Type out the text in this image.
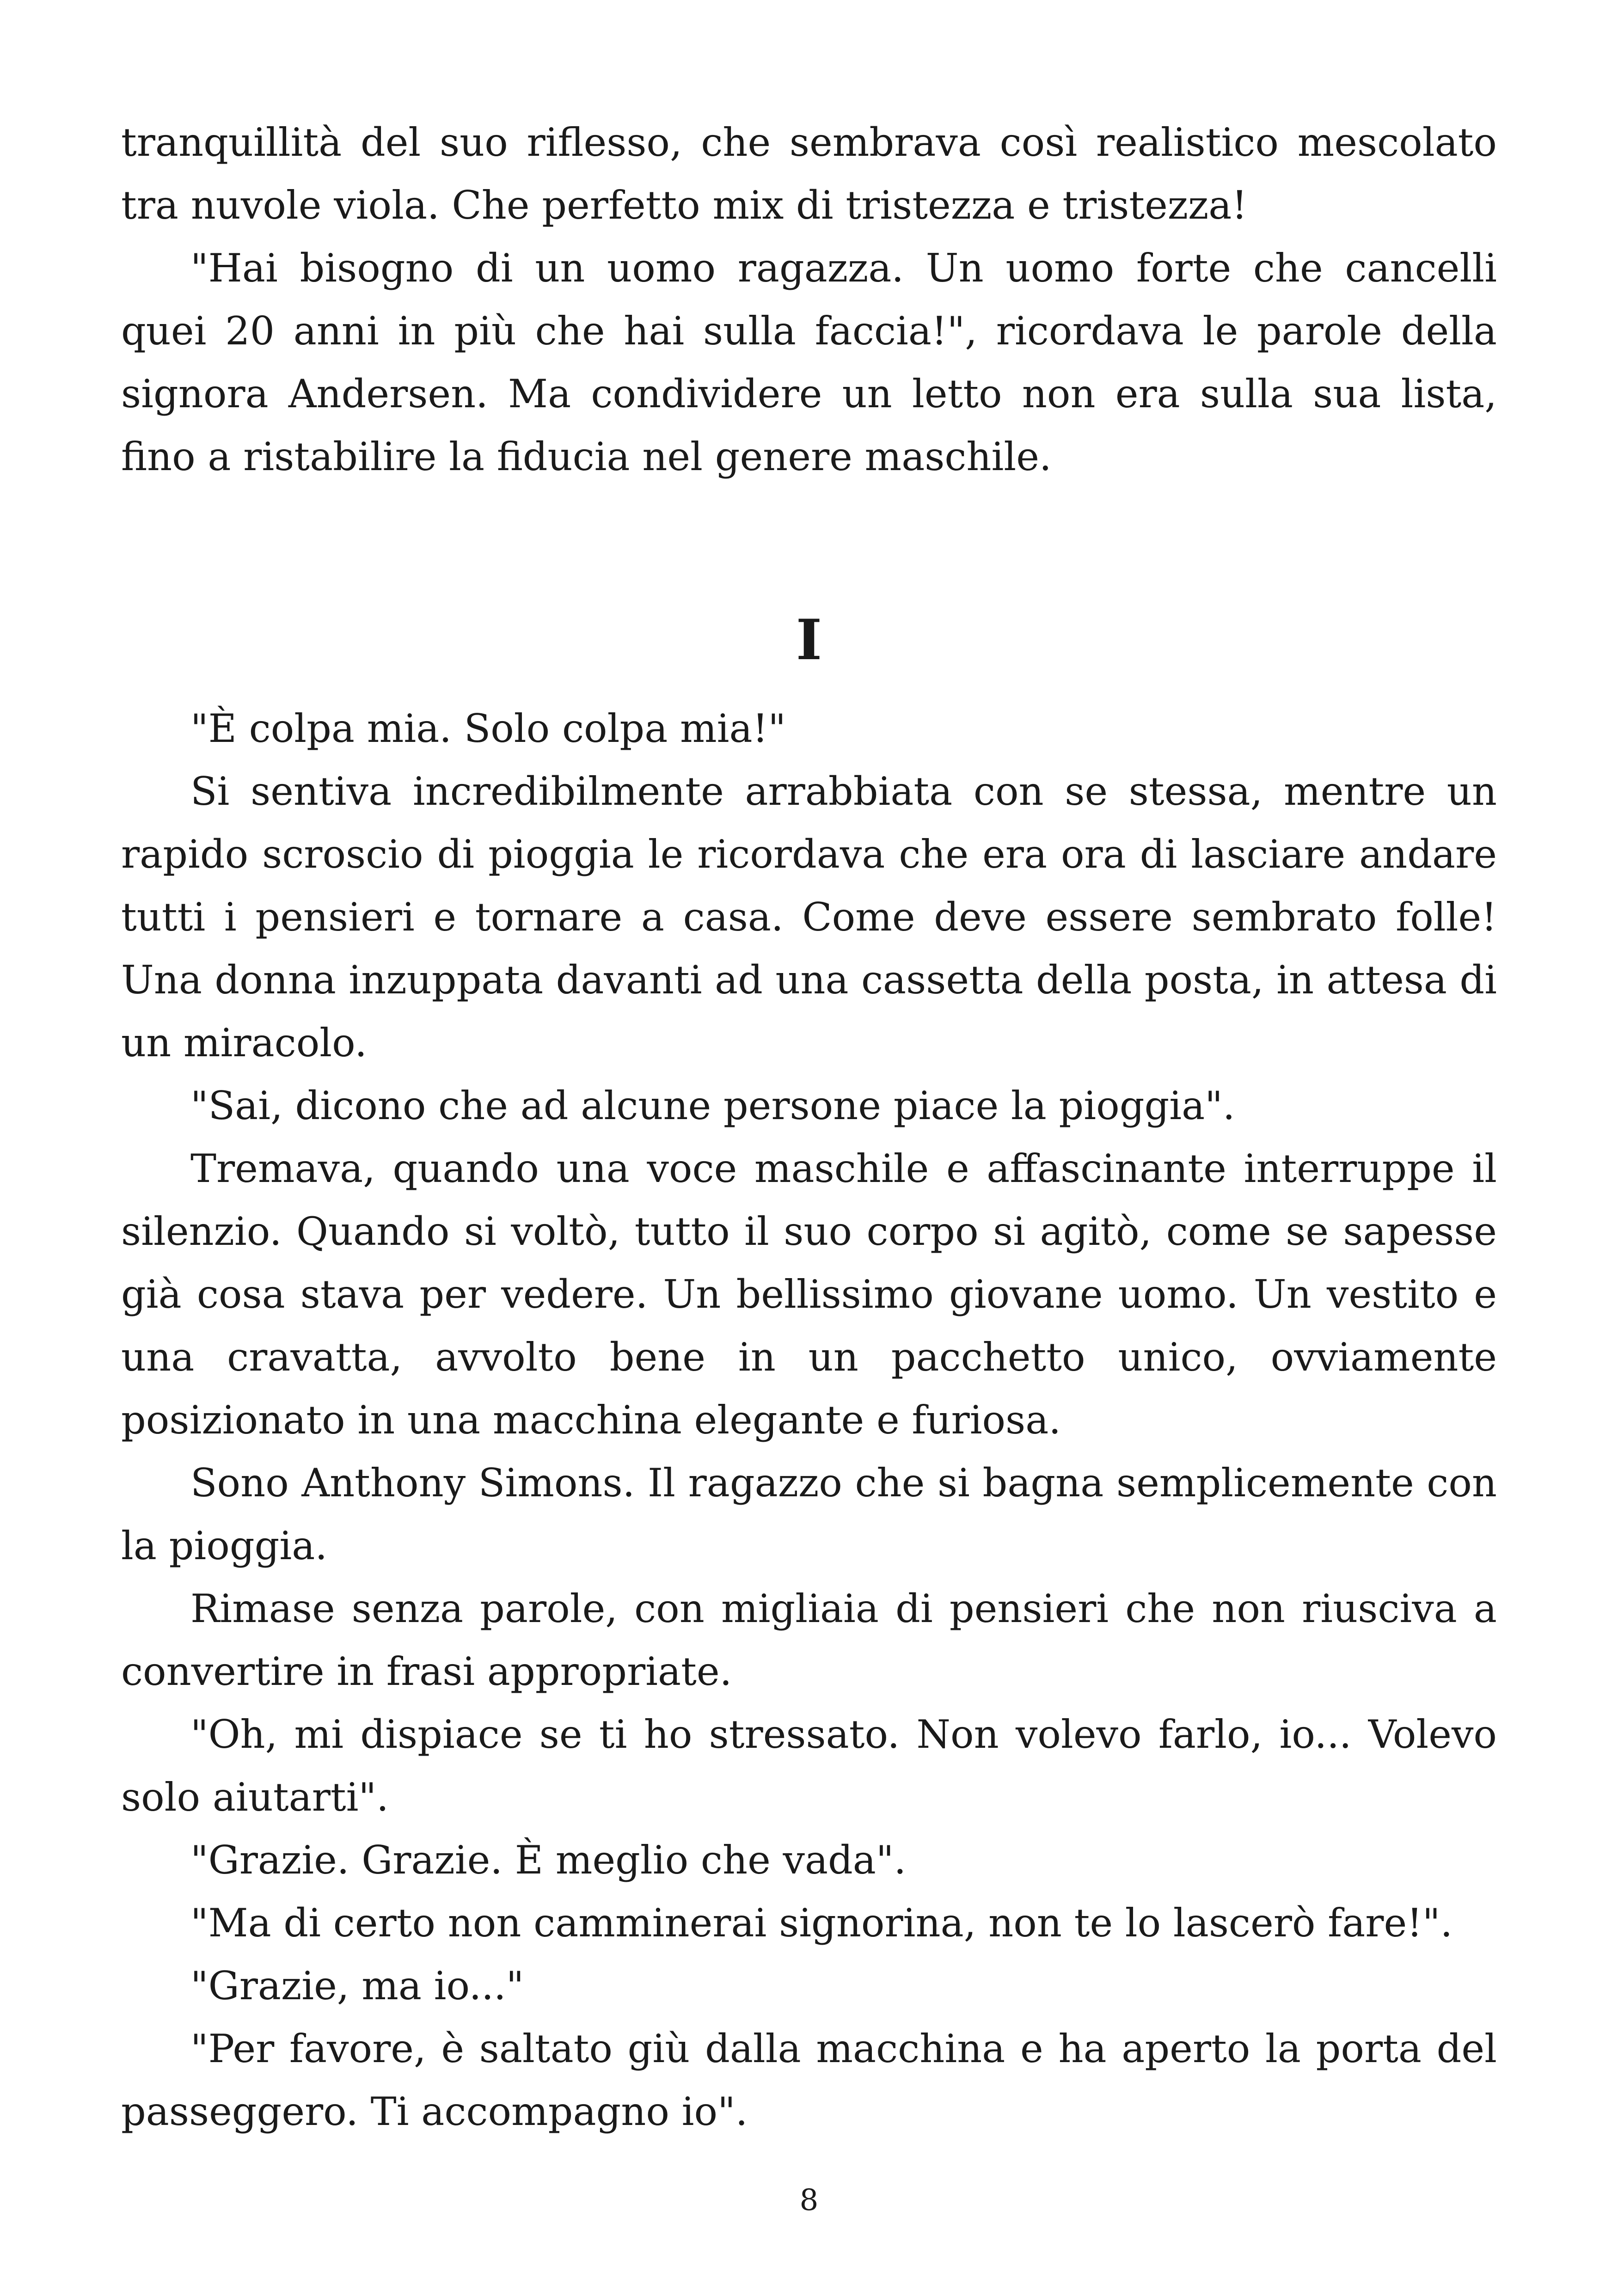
tranquillità del suo riflesso, che sembrava così realistico mescolato tra nuvole viola. Che perfetto mix di tristezza e tristezza!

"Hai bisogno di un uomo ragazza. Un uomo forte che cancelli quei 20 anni in più che hai sulla faccia!", ricordava le parole della signora Andersen. Ma condividere un letto non era sulla sua lista, fino a ristabilire la fiducia nel genere maschile.

I

"È colpa mia. Solo colpa mia!"

Si sentiva incredibilmente arrabbiata con se stessa, mentre un rapido scroscio di pioggia le ricordava che era ora di lasciare andare tutti i pensieri e tornare a casa. Come deve essere sembrato folle! Una donna inzuppata davanti ad una cassetta della posta, in attesa di un miracolo.

"Sai, dicono che ad alcune persone piace la pioggia".

Tremava, quando una voce maschile e affascinante interruppe il silenzio. Quando si voltò, tutto il suo corpo si agitò, come se sapesse già cosa stava per vedere. Un bellissimo giovane uomo. Un vestito e una cravatta, avvolto bene in un pacchetto unico, ovviamente posizionato in una macchina elegante e furiosa.

Sono Anthony Simons. Il ragazzo che si bagna semplicemente con la pioggia.

Rimase senza parole, con migliaia di pensieri che non riusciva a convertire in frasi appropriate.

"Oh, mi dispiace se ti ho stressato. Non volevo farlo, io... Volevo solo aiutarti".

"Grazie. Grazie. È meglio che vada".

"Ma di certo non camminerai signorina, non te lo lascerò fare!".

"Grazie, ma io..."

"Per favore, è saltato giù dalla macchina e ha aperto la porta del passeggero. Ti accompagno io".

8
